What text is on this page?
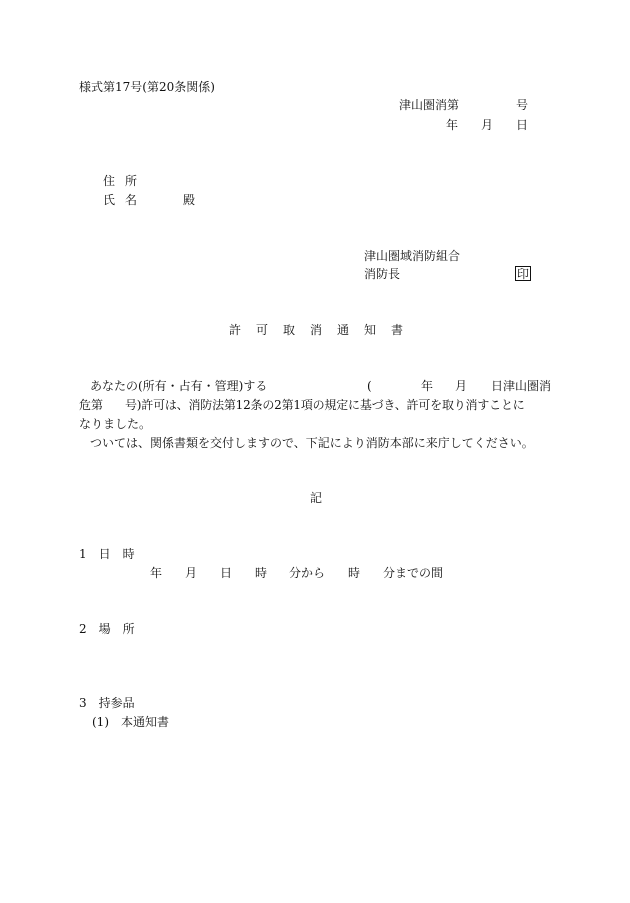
様式第17号(第20条関係)
津山圏消第	号
年 月 日
住 所
氏 名	殿
津山圏域消防組合
消防長	印
許 可 取 消 通 知 書
あなたの(所有・占有・管理)する	(	年 月 日津山圏消
危第 号)許可は、消防法第12条の2第1項の規定に基づき、許可を取り消すことに
なりました。
ついては、関係書類を交付しますので、下記により消防本部に来庁してください。
記
1　日　時
年 月 日 時 分から 時 分までの間
2　場　所
3　持参品
(1)　本通知書
